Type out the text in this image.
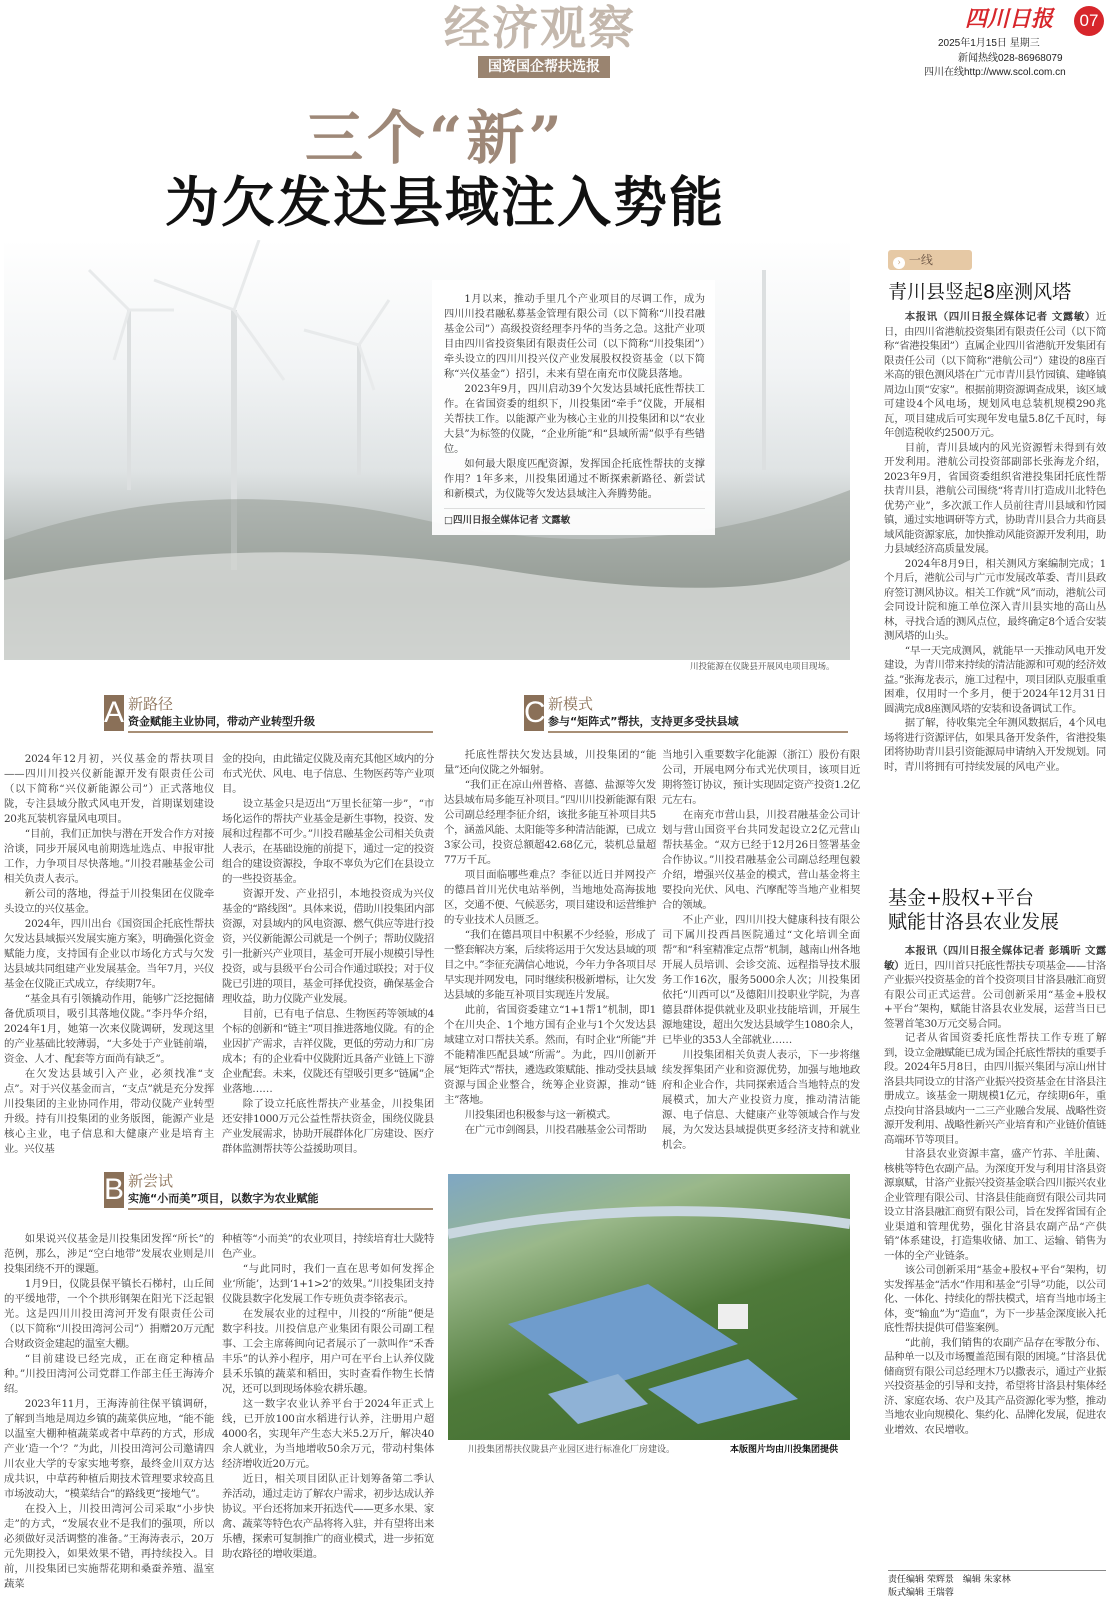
经济观察
国资国企帮扶选报
四川日报	07
2025年1月15日 星期三
新闻热线028-86968079
四川在线http://www.scol.com.cn
三个“新”
为欠发达县域注入势能

1月以来，推动手里几个产业项目的尽调工作，成为四川川投君融私募基金管理有限公司（以下简称“川投君融基金公司”）高级投资经理李丹华的当务之急。这批产业项目由四川省投资集团有限责任公司（以下简称“川投集团”）牵头设立的四川川投兴仪产业发展股权投资基金（以下简称“兴仪基金”）招引，未来有望在南充市仪陇县落地。

2023年9月，四川启动39个欠发达县域托底性帮扶工作。在省国资委的组织下，川投集团“牵手”仪陇，开展相关帮扶工作。以能源产业为核心主业的川投集团和以“农业大县”为标签的仪陇，“企业所能”和“县域所需”似乎有些错位。

如何最大限度匹配资源，发挥国企托底性帮扶的支撑作用？1年多来，川投集团通过不断探索新路径、新尝试和新模式，为仪陇等欠发达县域注入奔腾势能。

□四川日报全媒体记者 文露敏
川投能源在仪陇县开展风电项目现场。
A 新路径
资金赋能主业协同，带动产业转型升级

2024年12月初，兴仪基金的帮扶项目——四川川投兴仪新能源开发有限责任公司（以下简称“兴仪新能源公司”）正式落地仪陇，专注县域分散式风电开发，首期谋划建设20兆瓦装机容量风电项目。

“目前，我们正加快与潜在开发合作方对接洽谈，同步开展风电前期选址选点、申报审批工作，力争项目尽快落地。”川投君融基金公司相关负责人表示。

新公司的落地，得益于川投集团在仪陇牵头设立的兴仪基金。

2024年，四川出台《国资国企托底性帮扶欠发达县域振兴发展实施方案》，明确强化资金赋能力度，支持国有企业以市场化方式与欠发达县域共同组建产业发展基金。当年7月，兴仪基金在仪陇正式成立，存续期7年。

“基金具有引领撬动作用，能够广泛挖掘储备优质项目，吸引其落地仪陇。”李丹华介绍，2024年1月，她第一次来仪陇调研，发现这里的产业基础比较薄弱，“大多处于产业链前端，资金、人才、配套等方面尚有缺乏”。

在欠发达县域引入产业，必须找准“支点”。对于兴仪基金而言，“支点”就是充分发挥川投集团的主业协同作用，带动仪陇产业转型升级。持有川投集团的业务版图，能源产业是核心主业，电子信息和大健康产业是培育主业。兴仪基

金的投向，由此锚定仪陇及南充其他区域内的分布式光伏、风电、电子信息、生物医药等产业项目。

设立基金只是迈出“万里长征第一步”，“市场化运作的帮扶产业基金是新生事物，投资、发展和过程都不可少。”川投君融基金公司相关负责人表示，在基础设施的前提下，通过一定的投资组合的建设资源投，争取不辜负为它们在县设立的一些投资基金。

资源开发、产业招引，本地投资成为兴仪基金的“路线图”。具体来说，借助川投集团内部资源，对县域内的风电资源、燃气供应等进行投资，兴仪新能源公司就是一个例子；帮助仪陇招引一批新兴产业项目，基金可开展小规模引导性投资，或与县级平台公司合作通过联投；对于仪陇已引进的项目，基金可择优投资，确保基金合理收益，助力仪陇产业发展。

目前，已有电子信息、生物医药等领域的4个标的创新和“链主”项目推进落地仪陇。有的企业因扩产需求，吉祥仪陇，更低的劳动力和厂房成本；有的企业看中仪陇附近具备产业链上下游企业配套。未来，仪陇还有望吸引更多“链属”企业落地……

除了设立托底性帮扶产业基金，川投集团还安排1000万元公益性帮扶资金，围绕仪陇县产业发展需求，协助开展群体化厂房建设、医疗群体监测帮扶等公益援助项目。

C 新模式
参与“矩阵式”帮扶，支持更多受扶县域

托底性帮扶欠发达县域，川投集团的“能量”还向仪陇之外辐射。

“我们正在凉山州普格、喜德、盐源等欠发达县域布局多能互补项目。”四川川投新能源有限公司副总经理李征介绍，该批多能互补项目共5个，涵盖风能、太阳能等多种清洁能源，已成立3家公司，投资总额超42.68亿元，装机总量超77万千瓦。

项目面临哪些难点？李征以近日并网投产的德昌首川光伏电站举例，当地地处高海拔地区，交通不便、气候恶劣，项目建设和运营维护的专业技术人员匮乏。

“我们在德昌项目中积累不少经验，形成了一整套解决方案，后续将运用于欠发达县域的项目之中。”李征充满信心地说，今年力争各项目尽早实现并网发电，同时继续积极新增标，让欠发达县域的多能互补项目实现连片发展。

此前，省国资委建立“1+1帮1”机制，即1个在川央企、1个地方国有企业与1个欠发达县域建立对口帮扶关系。然而，有时企业“所能”并不能精准匹配县域“所需”。为此，四川创新开展“矩阵式”帮扶，遴选政策赋能、推动受扶县域资源与国企业整合，统筹企业资源，推动“链主”落地。

川投集团也积极参与这一新模式。

在广元市剑阁县，川投君融基金公司帮助

当地引入重要数字化能源（浙江）股份有限公司，开展电网分布式光伏项目，该项目近期将签订协议，预计实现固定资产投资1.2亿元左右。

在南充市营山县，川投君融基金公司计划与营山国资平台共同发起设立2亿元营山帮扶基金。“双方已经于12月26日签署基金合作协议。”川投君融基金公司副总经理包毅介绍，增强兴仪基金的模式，营山基金将主要投向光伏、风电、汽摩配等当地产业相契合的领域。

不止产业，四川川投大健康科技有限公司下属川投西昌医院通过“文化培训全面帮”和“科室精准定点帮”机制，越南山州各地开展人员培训、会诊交流、远程指导技术服务工作16次，服务5000余人次；川投集团依托“川西可以”及德阳川投职业学院，为喜德县群体提供就业及职业技能培训，开展生源地建设，超出欠发达县域学生1080余人，已毕业的353人全部就业……

川投集团相关负责人表示，下一步将继续发挥集团产业和资源优势，加强与地地政府和企业合作，共同探索适合当地特点的发展模式，加大产业投资力度，推动清洁能源、电子信息、大健康产业等领域合作与发展，为欠发达县域提供更多经济支持和就业机会。

B 新尝试
实施“小而美”项目，以数字为农业赋能

如果说兴仪基金是川投集团发挥“所长”的范例，那么，涉足“空白地带”发展农业则是川投集团绕不开的课题。

1月9日，仪陇县保平镇长石梯村，山丘间的平缓地带，一个个拱形钢架在阳光下泛起银光。这是四川川投田湾河开发有限责任公司（以下简称“川投田湾河公司”）捐赠20万元配合财政资金建起的温室大棚。

“目前建设已经完成，正在商定种植品种。”川投田湾河公司党群工作部主任王海涛介绍。

2023年11月，王海涛前往保平镇调研，了解到当地是周边乡镇的蔬菜供应地，“能不能以温室大棚种植蔬菜或者中草药的方式，形成产业‘造一个’？”为此，川投田湾河公司邀请四川农业大学的专家实地考察，最终金川双方达成共识，中草药种植后期技术管理要求较高且市场波动大，“模菜结合”的路线更“接地气”。

在投入上，川投田湾河公司采取“小步快走”的方式，“发展农业不是我们的强项，所以必须做好灵活调整的准备。”王海涛表示，20万元先期投入，如果效果不错，再持续投入。目前，川投集团已实施帮花期和桑蚕养殖、温室蔬菜

种植等“小而美”的农业项目，持续培育壮大陇特色产业。

“与此同时，我们一直在思考如何发挥企业‘所能’，达到‘1+1>2’的效果。”川投集团支持仪陇县数字化发展工作专班负责李铭表示。

在发展农业的过程中，川投的“所能”便是数字科技。川投信息产业集团有限公司副工程事、工会主席蒋闽向记者展示了一款叫作“禾香丰乐”的认养小程序，用户可在平台上认养仪陇县禾乐镇的蔬菜和稻田，实时查看作物生长情况，还可以到现场体验农耕乐趣。

这一数字农业认养平台于2024年正式上线，已开放100亩水稻进行认养，注册用户超4000名，实现年产生态大米5.2万斤，解决40余人就业，为当地增收50余万元，带动村集体经济增收近20万元。

近日，相关项目团队正计划筹备第二季认养活动，通过走访了解农户需求，初步达成认养协议。平台还将加来开拓迭代——更多水果、家禽、蔬菜等特色农产品将将入驻，并有望将出来乐槽，探索可复制推广的商业模式，进一步拓宽助农路径的增收渠道。

川投集团帮扶仪陇县产业园区进行标准化厂房建设。	本版图片均由川投集团提供
› 一线
青川县竖起8座测风塔

本报讯（四川日报全媒体记者 文露敏）近日，由四川省港航投资集团有限责任公司（以下简称“省港投集团”）直属企业四川省港航开发集团有限责任公司（以下简称“港航公司”）建设的8座百米高的银色测风塔在广元市青川县竹园镇、建峰镇周边山顶“安家”。根据前期资源调查成果，该区域可建设4个风电场，规划风电总装机规模290兆瓦，项目建成后可实现年发电量5.8亿千瓦时，每年创造税收约2500万元。

目前，青川县域内的风光资源暂未得到有效开发利用。港航公司投资部副部长张海龙介绍，2023年9月，省国资委组织省港投集团托底性帮扶青川县，港航公司围绕“将青川打造成川北特色优势产业”，多次派工作人员前往青川县域和竹园镇，通过实地调研等方式，协助青川县合力共商县域风能资源家底，加快推动风能资源开发利用，助力县域经济高质量发展。

2024年8月9日，相关测风方案编制完成；1个月后，港航公司与广元市发展改革委、青川县政府签订测风协议。相关工作就“风”而动，港航公司会同设计院和施工单位深入青川县实地的高山丛林，寻找合适的测风点位，最终确定8个适合安装测风塔的山头。

“早一天完成测风，就能早一天推动风电开发建设，为青川带来持续的清洁能源和可观的经济效益。”张海龙表示，施工过程中，项目团队克服重重困难，仅用时一个多月，便于2024年12月31日圆满完成8座测风塔的安装和设备调试工作。

据了解，待收集完全年测风数据后，4个风电场将进行资源评估，如果具备开发条件，省港投集团将协助青川县引资能源局申请纳入开发规划。同时，青川将拥有可持续发展的风电产业。

基金+股权+平台
赋能甘洛县农业发展

本报讯（四川日报全媒体记者 彭瑀昕 文露敏）近日，四川首只托底性帮扶专项基金——甘洛产业振兴投资基金的首个投资项目甘洛县融汇商贸有限公司正式运营。公司创新采用“基金+股权+平台”架构，赋能甘洛县农业发展，运营当日已签署首笔30万元交易合同。

记者从省国资委托底性帮扶工作专班了解到，设立金融赋能已成为国企托底性帮扶的重要手段。2024年5月8日，由四川振兴集团与凉山州甘洛县共同设立的甘洛产业振兴投资基金在甘洛县注册成立。该基金一期规模1亿元，存续期6年，重点投向甘洛县域内一二三产业融合发展、战略性资源开发利用、战略性新兴产业培育和产业链价值链高端环节等项目。

甘洛县农业资源丰富，盛产竹荪、羊肚菌、核桃等特色农副产品。为深度开发与利用甘洛县资源禀赋，甘洛产业振兴投资基金联合四川振兴农业企业管理有限公司、甘洛县佳能商贸有限公司共同设立甘洛县融汇商贸有限公司，旨在发挥省国有企业渠道和管理优势，强化甘洛县农副产品“产供销”体系建设，打造集收储、加工、运输、销售为一体的全产业链条。

该公司创新采用“基金+股权+平台”架构，切实发挥基金“活水”作用和基金“引导”功能，以公司化、一体化、持续化的帮扶模式，培育当地市场主体，变“输血”为“造血”，为下一步基金深度嵌入托底性帮扶提供可借鉴案例。

“此前，我们销售的农副产品存在零散分布、品种单一以及市场覆盖范围有限的困境。”甘洛县优储商贸有限公司总经理木乃以撒表示，通过产业振兴投资基金的引导和支持，希望将甘洛县村集体经济、家庭农场、农户及其产品资源化零为整，推动当地农业向规模化、集约化、品牌化发展，促进农业增效、农民增收。

责任编辑 荣辉景　编辑 朱家林
版式编辑 王瑞蓉
